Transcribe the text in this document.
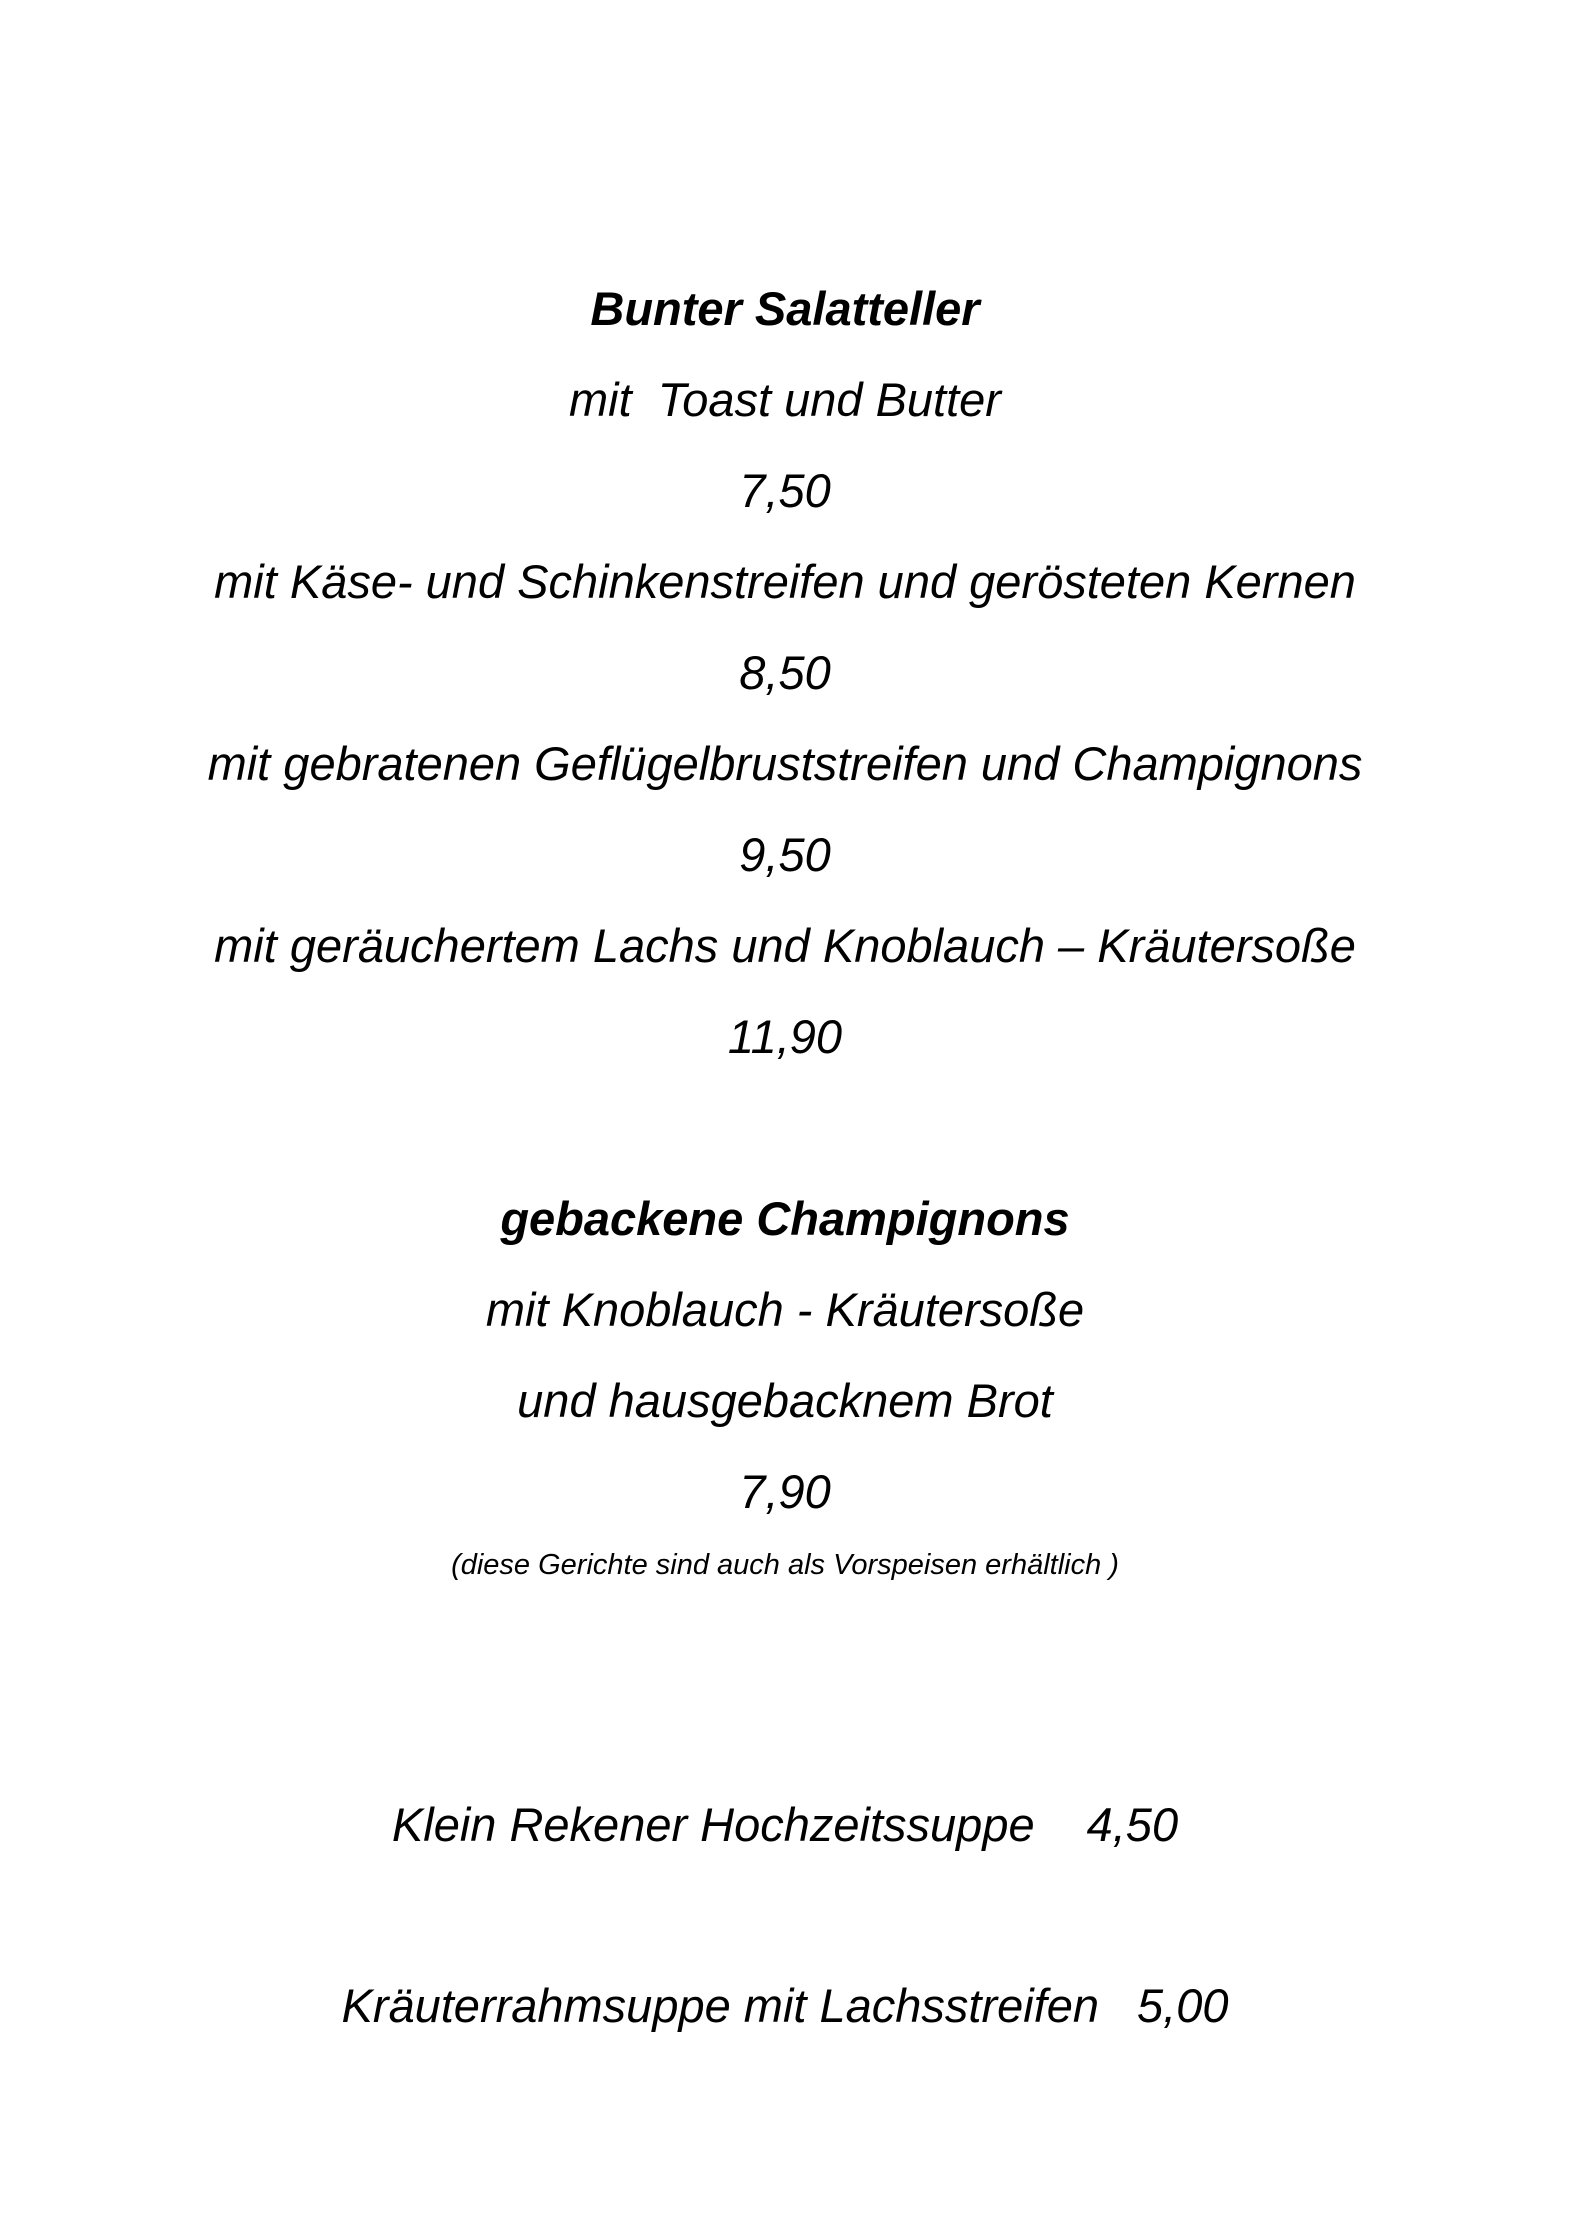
Bunter Salatteller
mit  Toast und Butter
7,50
mit Käse- und Schinkenstreifen und gerösteten Kernen
8,50
mit gebratenen Geflügelbruststreifen und Champignons
9,50
mit geräuchertem Lachs und Knoblauch – Kräutersoße
11,90
gebackene Champignons
mit Knoblauch - Kräutersoße
und hausgebacknem Brot
7,90
(diese Gerichte sind auch als Vorspeisen erhältlich )
Klein Rekener Hochzeitssuppe 4,50
Kräuterrahmsuppe mit Lachsstreifen 5,00
